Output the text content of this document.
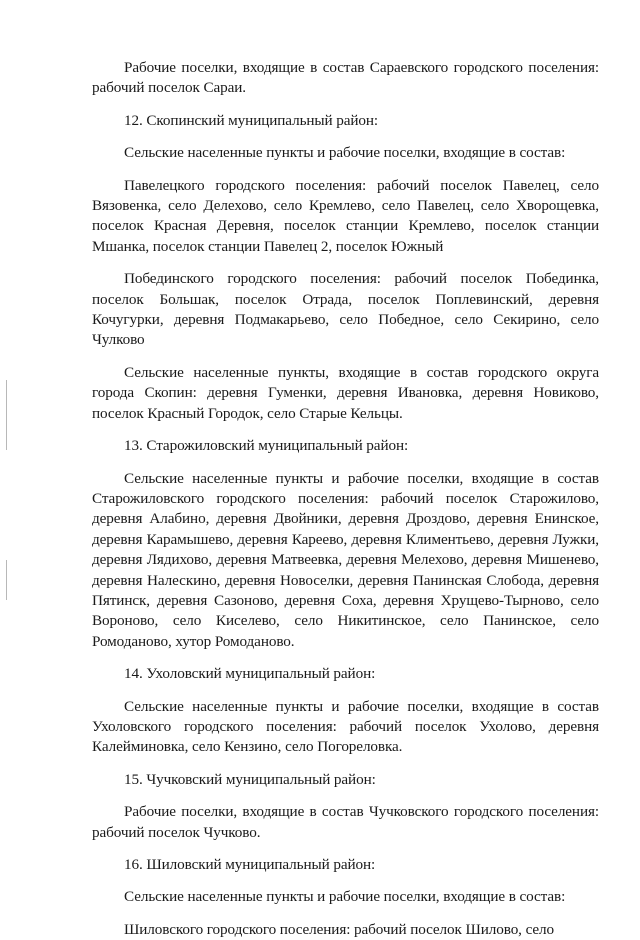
Рабочие поселки, входящие в состав Сараевского городского поселения: рабочий поселок Сараи.

12. Скопинский муниципальный район:

Сельские населенные пункты и рабочие поселки, входящие в состав:

Павелецкого городского поселения: рабочий поселок Павелец, село Вязовенка, село Делехово, село Кремлево, село Павелец, село Хворощевка, поселок Красная Деревня, поселок станции Кремлево, поселок станции Мшанка, поселок станции Павелец 2, поселок Южный

Побединского городского поселения: рабочий поселок Побединка, поселок Большак, поселок Отрада, поселок Поплевинский, деревня Кочугурки, деревня Подмакарьево, село Победное, село Секирино, село Чулково

Сельские населенные пункты, входящие в состав городского округа города Скопин: деревня Гуменки, деревня Ивановка, деревня Новиково, поселок Красный Городок, село Старые Кельцы.

13. Старожиловский муниципальный район:

Сельские населенные пункты и рабочие поселки, входящие в состав Старожиловского городского поселения: рабочий поселок Старожилово, деревня Алабино, деревня Двойники, деревня Дроздово, деревня Енинское, деревня Карамышево, деревня Кареево, деревня Климентьево, деревня Лужки, деревня Лядихово, деревня Матвеевка, деревня Мелехово, деревня Мишенево, деревня Налескино, деревня Новоселки, деревня Панинская Слобода, деревня Пятинск, деревня Сазоново, деревня Соха, деревня Хрущево-Тырново, село Вороново, село Киселево, село Никитинское, село Панинское, село Ромоданово, хутор Ромоданово.

14. Ухоловский муниципальный район:

Сельские населенные пункты и рабочие поселки, входящие в состав Ухоловского городского поселения: рабочий поселок Ухолово, деревня Калейминовка, село Кензино, село Погореловка.

15. Чучковский муниципальный район:

Рабочие поселки, входящие в состав Чучковского городского поселения: рабочий поселок Чучково.

16. Шиловский муниципальный район:

Сельские населенные пункты и рабочие поселки, входящие в состав:

Шиловского городского поселения: рабочий поселок Шилово, село
